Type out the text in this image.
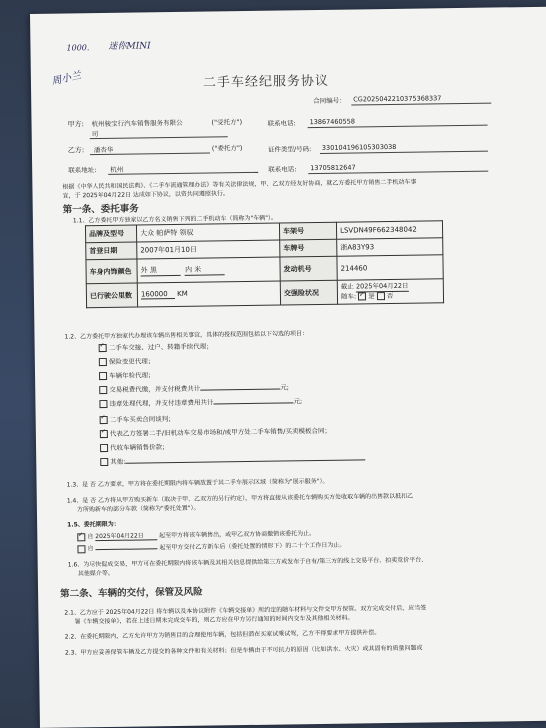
1000. 迷你MINI
周小兰	二手车经纪服务协议
合同编号： CG2025042210375368337
甲方: 杭州骏宝行汽车销售服务有限公
司
("受托方")	联系电话: 13867460558
乙方: 潘杏华	("委托方")	证件类型/号码: 330104196105303038
联系地址: 杭州	联系电话: 13705812647
根据《中华人民共和国民法典》、《二手车流通管理办法》等有关法律法规，甲、乙双方经友好协商，就乙方委托甲方销售二手机动车事
宜，于 2025年04月22日 达成如下协议，以资共同遵照执行。
第一条、委托事务
1.1、乙方委托甲方独家以乙方名义销售下列的二手机动车（简称为"车辆"）。
品牌及型号	大众 帕萨特 领驭	车架号	LSVDN49F662348042
首登日期	2007年01月10日	车牌号	浙A83Y93
车身内饰颜色	外 黑 内 米	发动机号	214460
已行驶公里数	160000 KM	交强险状况	截止 2025年04月22日
随车: ✓ 是 否
1.2、乙方委托甲方独家代办理该车辆出售相关事宜，具体的授权范围包括以下勾选的项目：
✓二手车交接、过户、转籍手续代理；
保险变更代理；
车辆年检代理；
交易税费代缴，并支付税费共计	元;
违章处理代理，并支付违章费用共计	元;
✓二手车买卖合同谈判；
✓代表乙方签署二手/旧机动车交易市场和/或甲方处二手车销售/买卖模板合同；
代收车辆销售价款；
其他:
1.3、是 否 乙方要求，甲方将在委托期限内将车辆放置于其二手车展示区域（简称为"展示服务"）。
1.4、是 否 乙方将从甲方购买新车（取决于甲、乙双方的另行约定），甲方将直接从该委托车辆购买方处收取车辆的出售款以抵扣乙
方所购新车的部分车款（简称为"委托处置"）。
1.5、委托期限为：
✓自 2025年04月22日	起至甲方将该车辆售出，或甲乙双方协商撤销该委托为止。
自	起至甲方交付乙方新车后（委托处置的情形下）的二十个工作日为止。
1.6、为尽快促成交易，甲方可在委托期限内将该车辆及其相关信息提供给第三方或发布于自有/第三方的线上交易平台、拍卖竞价平台、
其他媒介等。
第二条、车辆的交付，保管及风险
2.1、乙方应于 2025年04月22日 将车辆以及本协议附件《车辆交接单》所约定的随车材料与文件交甲方保管。双方完成交付后，应当签
署《车辆交接单》，若在上述日期未完成交车的，则乙方应在甲方另行通知的时间内交车及其他相关材料。
2.2、在委托期限内，乙方允许甲方为销售目的合理使用车辆，包括但潜在买家试乘试驾，乙方不得要求甲方提供补偿。
2.3、甲方应妥善保管车辆及乙方提交的各种文件和有关材料；但是车辆由于不可抗力的原因（比如洪水、火灾）或其固有的质量问题或
